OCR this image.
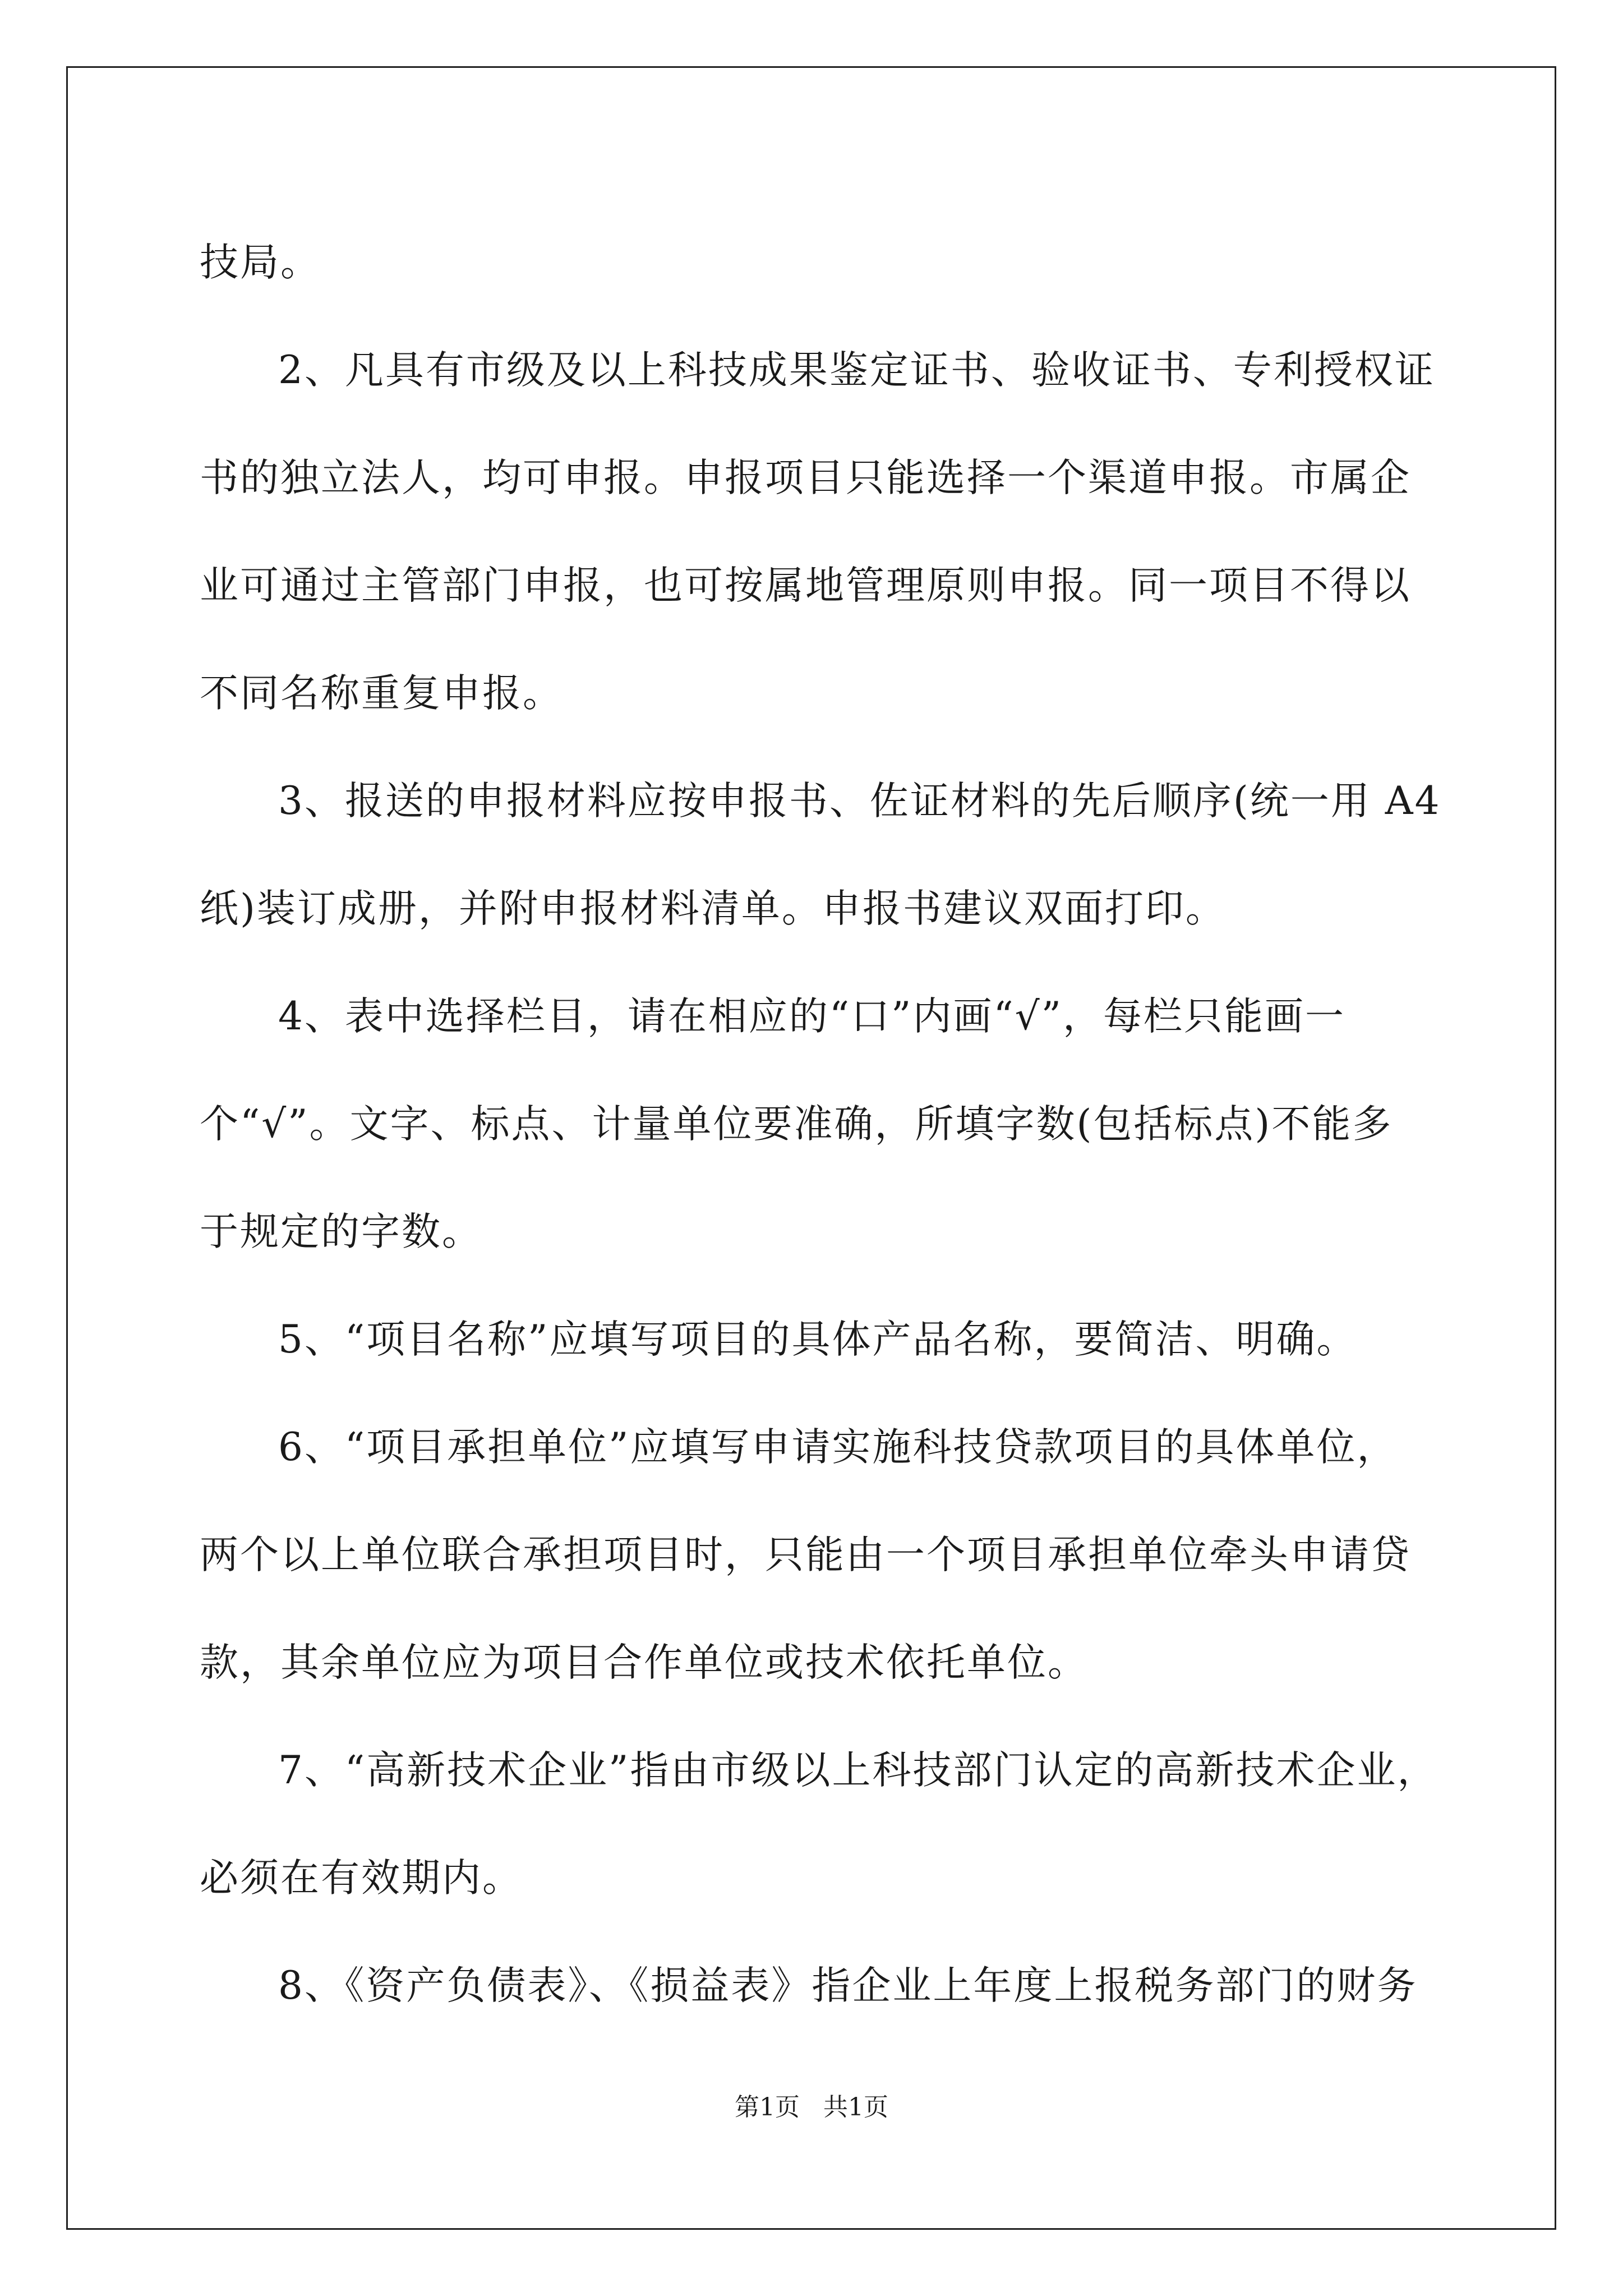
技局。
2、凡具有市级及以上科技成果鉴定证书、验收证书、专利授权证
书的独立法人，均可申报。申报项目只能选择一个渠道申报。市属企
业可通过主管部门申报，也可按属地管理原则申报。同一项目不得以
不同名称重复申报。
3、报送的申报材料应按申报书、佐证材料的先后顺序(统一用 A4
纸)装订成册，并附申报材料清单。申报书建议双面打印。
4、表中选择栏目，请在相应的“口”内画“√”，每栏只能画一
个“√”。文字、标点、计量单位要准确，所填字数(包括标点)不能多
于规定的字数。
5、“项目名称”应填写项目的具体产品名称，要简洁、明确。
6、“项目承担单位”应填写申请实施科技贷款项目的具体单位，
两个以上单位联合承担项目时，只能由一个项目承担单位牵头申请贷
款，其余单位应为项目合作单位或技术依托单位。
7、“高新技术企业”指由市级以上科技部门认定的高新技术企业，
必须在有效期内。
8、《资产负债表》、《损益表》指企业上年度上报税务部门的财务
第1页   共1页
